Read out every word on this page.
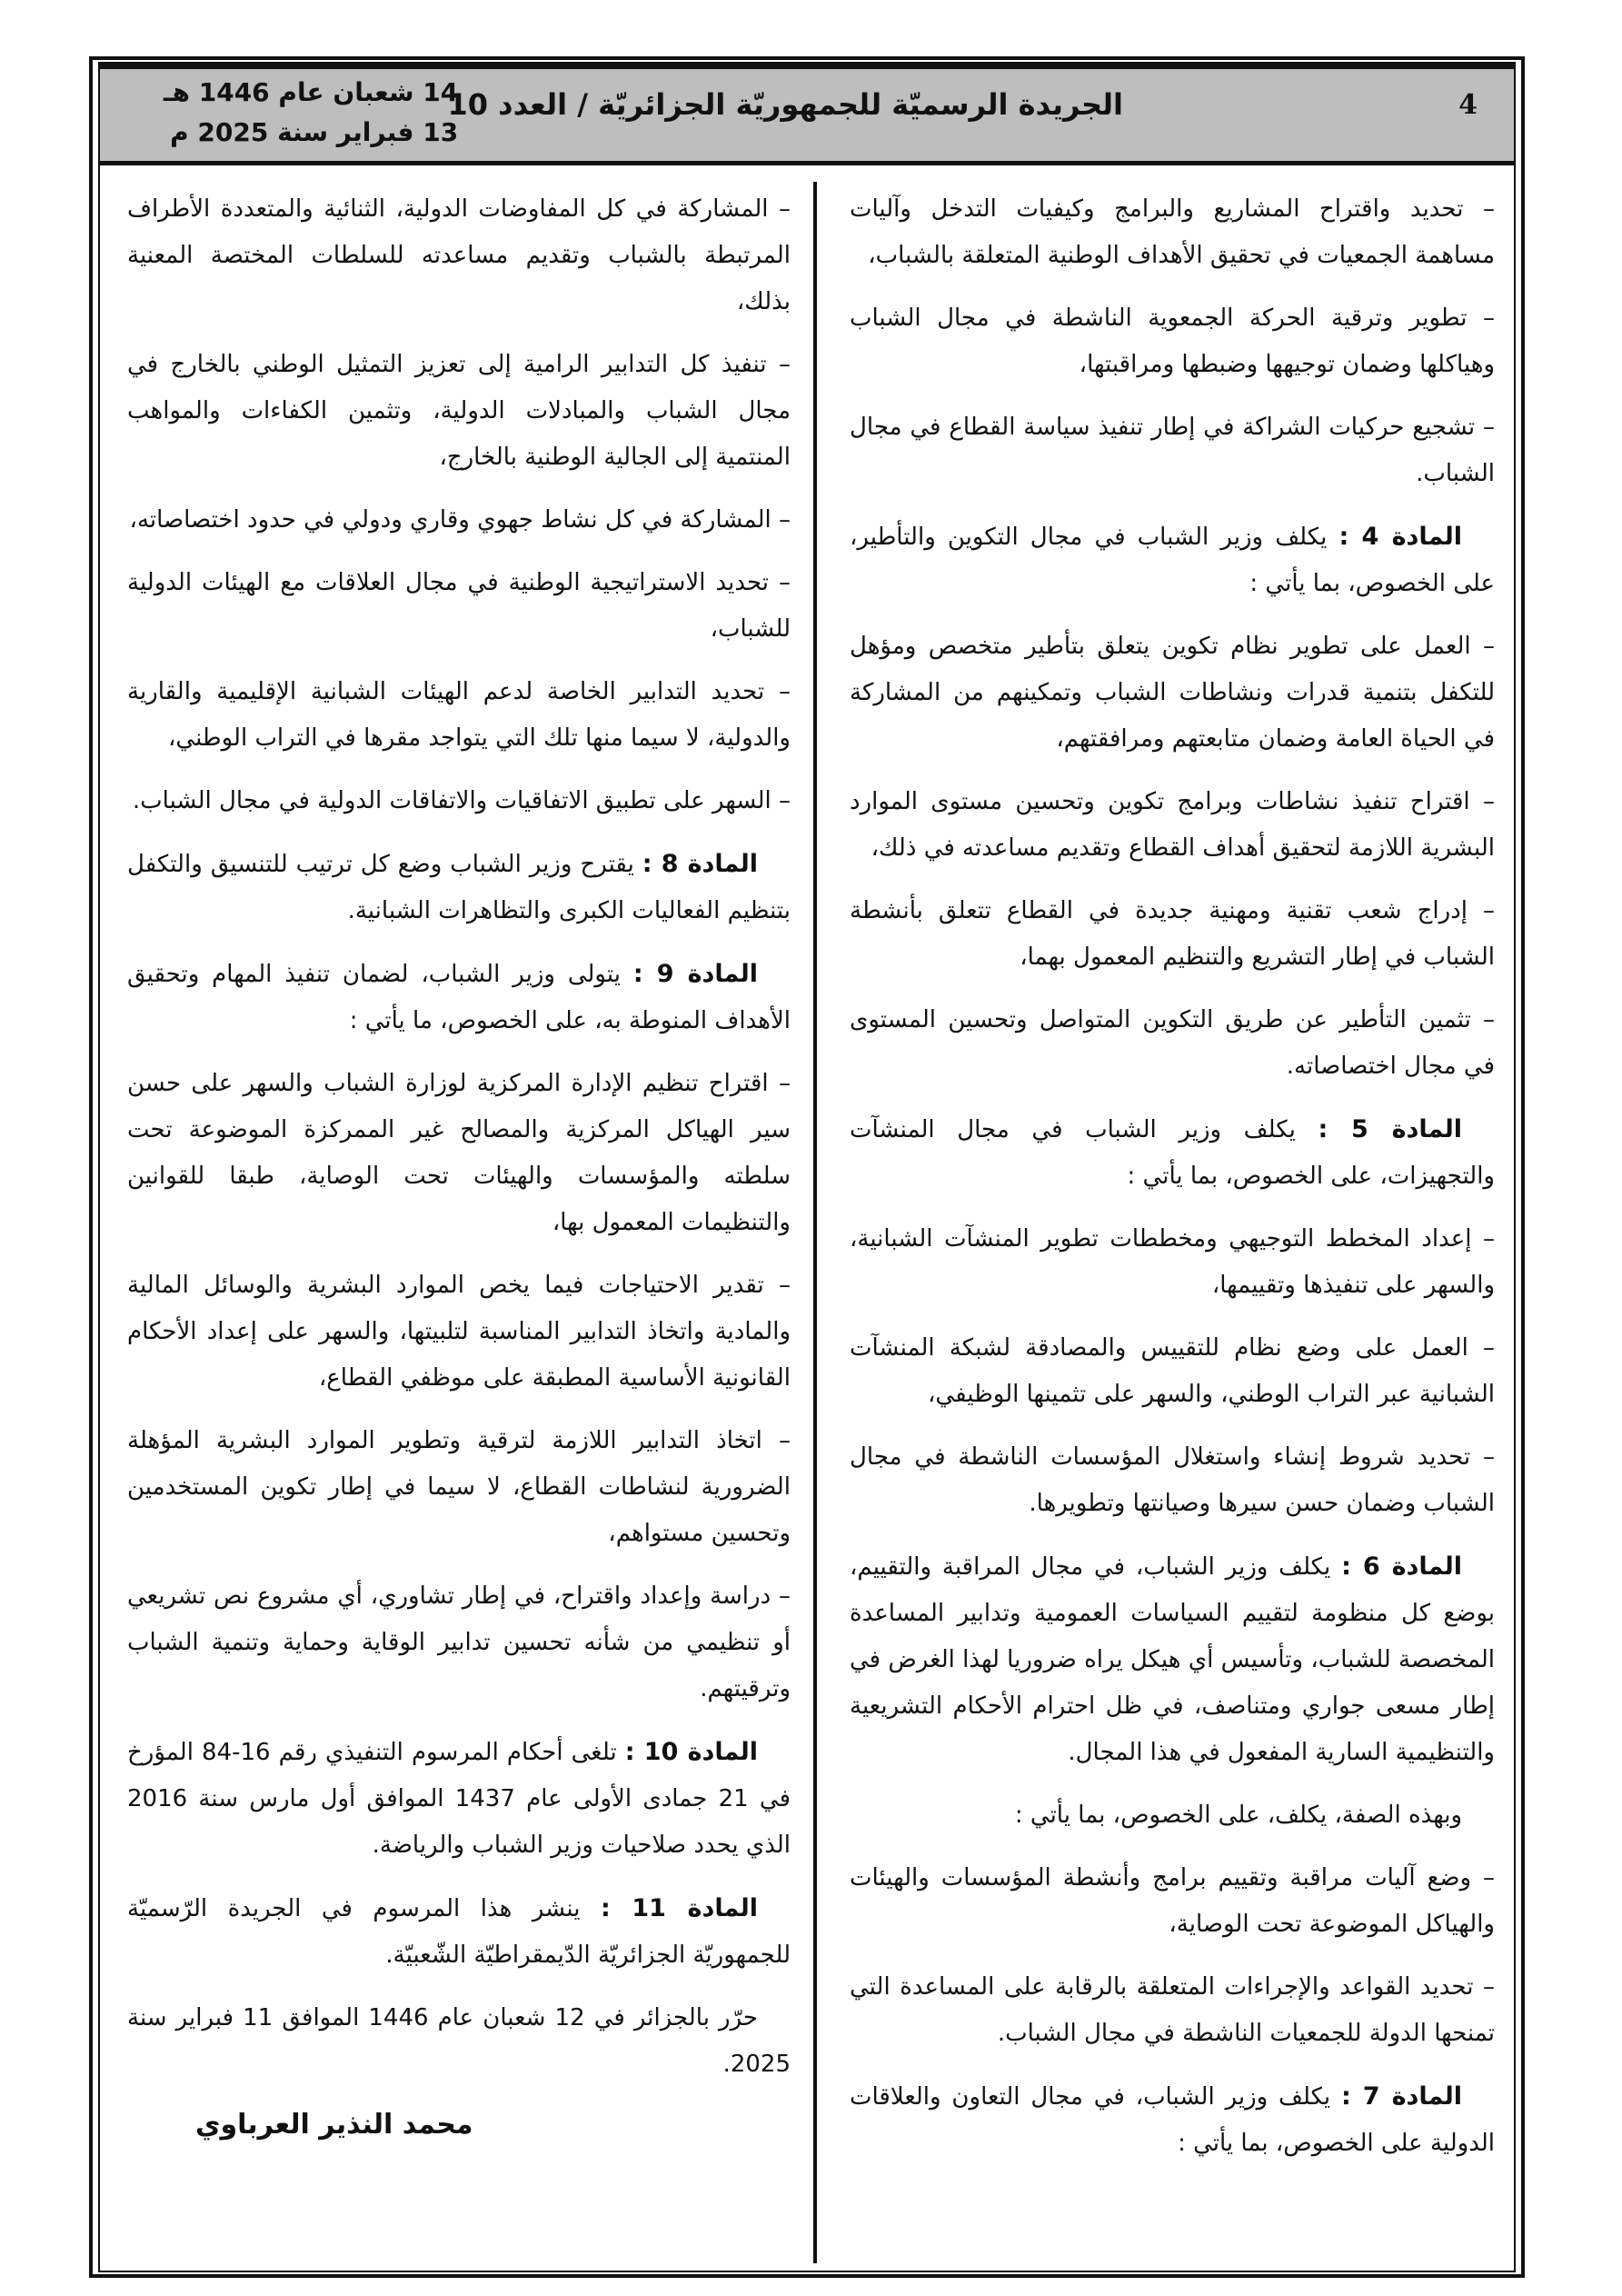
4
الجريدة الرسميّة للجمهوريّة الجزائريّة / العدد 10
14 شعبان عام 1446 هـ
13 فبراير سنة 2025 م

– تحديد واقتراح المشاريع والبرامج وكيفيات التدخل وآليات مساهمة الجمعيات في تحقيق الأهداف الوطنية المتعلقة بالشباب،

– تطوير وترقية الحركة الجمعوية الناشطة في مجال الشباب وهياكلها وضمان توجيهها وضبطها ومراقبتها،

– تشجيع حركيات الشراكة في إطار تنفيذ سياسة القطاع في مجال الشباب.

المادة 4 : يكلف وزير الشباب في مجال التكوين والتأطير، على الخصوص، بما يأتي :

– العمل على تطوير نظام تكوين يتعلق بتأطير متخصص ومؤهل للتكفل بتنمية قدرات ونشاطات الشباب وتمكينهم من المشاركة في الحياة العامة وضمان متابعتهم ومرافقتهم،

– اقتراح تنفيذ نشاطات وبرامج تكوين وتحسين مستوى الموارد البشرية اللازمة لتحقيق أهداف القطاع وتقديم مساعدته في ذلك،

– إدراج شعب تقنية ومهنية جديدة في القطاع تتعلق بأنشطة الشباب في إطار التشريع والتنظيم المعمول بهما،

– تثمين التأطير عن طريق التكوين المتواصل وتحسين المستوى في مجال اختصاصاته.

المادة 5 : يكلف وزير الشباب في مجال المنشآت والتجهيزات، على الخصوص، بما يأتي :

– إعداد المخطط التوجيهي ومخططات تطوير المنشآت الشبانية، والسهر على تنفيذها وتقييمها،

– العمل على وضع نظام للتقييس والمصادقة لشبكة المنشآت الشبانية عبر التراب الوطني، والسهر على تثمينها الوظيفي،

– تحديد شروط إنشاء واستغلال المؤسسات الناشطة في مجال الشباب وضمان حسن سيرها وصيانتها وتطويرها.

المادة 6 : يكلف وزير الشباب، في مجال المراقبة والتقييم، بوضع كل منظومة لتقييم السياسات العمومية وتدابير المساعدة المخصصة للشباب، وتأسيس أي هيكل يراه ضروريا لهذا الغرض في إطار مسعى جواري ومتناصف، في ظل احترام الأحكام التشريعية والتنظيمية السارية المفعول في هذا المجال.

وبهذه الصفة، يكلف، على الخصوص، بما يأتي :

– وضع آليات مراقبة وتقييم برامج وأنشطة المؤسسات والهيئات والهياكل الموضوعة تحت الوصاية،

– تحديد القواعد والإجراءات المتعلقة بالرقابة على المساعدة التي تمنحها الدولة للجمعيات الناشطة في مجال الشباب.

المادة 7 : يكلف وزير الشباب، في مجال التعاون والعلاقات الدولية على الخصوص، بما يأتي :

– المشاركة في كل المفاوضات الدولية، الثنائية والمتعددة الأطراف المرتبطة بالشباب وتقديم مساعدته للسلطات المختصة المعنية بذلك،

– تنفيذ كل التدابير الرامية إلى تعزيز التمثيل الوطني بالخارج في مجال الشباب والمبادلات الدولية، وتثمين الكفاءات والمواهب المنتمية إلى الجالية الوطنية بالخارج،

– المشاركة في كل نشاط جهوي وقاري ودولي في حدود اختصاصاته،

– تحديد الاستراتيجية الوطنية في مجال العلاقات مع الهيئات الدولية للشباب،

– تحديد التدابير الخاصة لدعم الهيئات الشبانية الإقليمية والقارية والدولية، لا سيما منها تلك التي يتواجد مقرها في التراب الوطني،

– السهر على تطبيق الاتفاقيات والاتفاقات الدولية في مجال الشباب.

المادة 8 : يقترح وزير الشباب وضع كل ترتيب للتنسيق والتكفل بتنظيم الفعاليات الكبرى والتظاهرات الشبانية.

المادة 9 : يتولى وزير الشباب، لضمان تنفيذ المهام وتحقيق الأهداف المنوطة به، على الخصوص، ما يأتي :

– اقتراح تنظيم الإدارة المركزية لوزارة الشباب والسهر على حسن سير الهياكل المركزية والمصالح غير الممركزة الموضوعة تحت سلطته والمؤسسات والهيئات تحت الوصاية، طبقا للقوانين والتنظيمات المعمول بها،

– تقدير الاحتياجات فيما يخص الموارد البشرية والوسائل المالية والمادية واتخاذ التدابير المناسبة لتلبيتها، والسهر على إعداد الأحكام القانونية الأساسية المطبقة على موظفي القطاع،

– اتخاذ التدابير اللازمة لترقية وتطوير الموارد البشرية المؤهلة الضرورية لنشاطات القطاع، لا سيما في إطار تكوين المستخدمين وتحسين مستواهم،

– دراسة وإعداد واقتراح، في إطار تشاوري، أي مشروع نص تشريعي أو تنظيمي من شأنه تحسين تدابير الوقاية وحماية وتنمية الشباب وترقيتهم.

المادة 10 : تلغى أحكام المرسوم التنفيذي رقم 16-84 المؤرخ في 21 جمادى الأولى عام 1437 الموافق أول مارس سنة 2016 الذي يحدد صلاحيات وزير الشباب والرياضة.

المادة 11 : ينشر هذا المرسوم في الجريدة الرّسميّة للجمهوريّة الجزائريّة الدّيمقراطيّة الشّعبيّة.

حرّر بالجزائر في 12 شعبان عام 1446 الموافق 11 فبراير سنة 2025.

محمد النذير العرباوي
